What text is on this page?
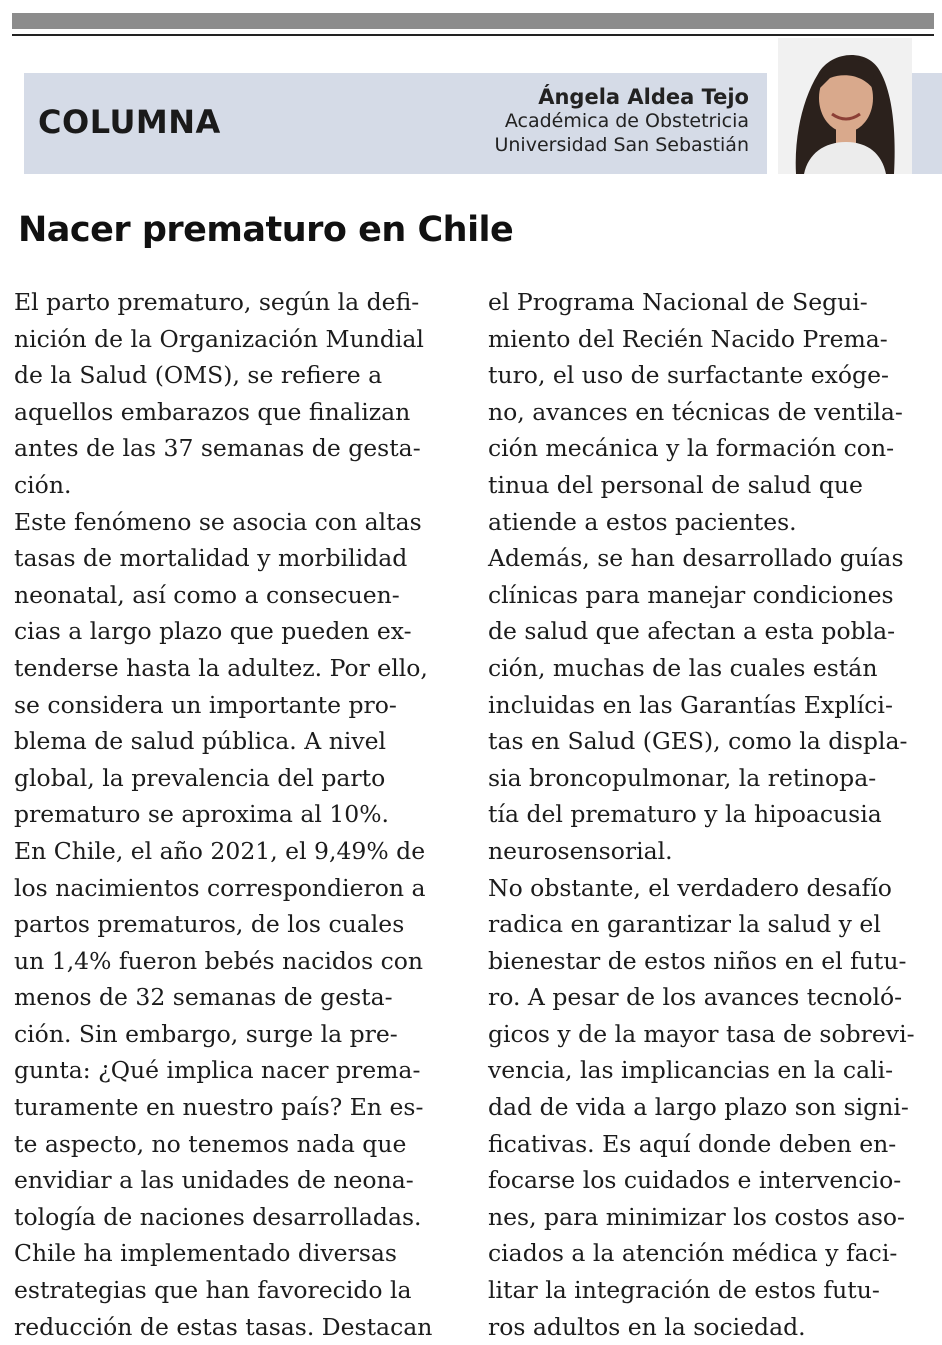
COLUMNA
Ángela Aldea Tejo
Académica de Obstetricia
Universidad San Sebastián
Nacer prematuro en Chile
El parto prematuro, según la defi-
nición de la Organización Mundial
de la Salud (OMS), se refiere a
aquellos embarazos que finalizan
antes de las 37 semanas de gesta-
ción.
Este fenómeno se asocia con altas
tasas de mortalidad y morbilidad
neonatal, así como a consecuen-
cias a largo plazo que pueden ex-
tenderse hasta la adultez. Por ello,
se considera un importante pro-
blema de salud pública. A nivel
global, la prevalencia del parto
prematuro se aproxima al 10%.
En Chile, el año 2021, el 9,49% de
los nacimientos correspondieron a
partos prematuros, de los cuales
un 1,4% fueron bebés nacidos con
menos de 32 semanas de gesta-
ción. Sin embargo, surge la pre-
gunta: ¿Qué implica nacer prema-
turamente en nuestro país? En es-
te aspecto, no tenemos nada que
envidiar a las unidades de neona-
tología de naciones desarrolladas.
Chile ha implementado diversas
estrategias que han favorecido la
reducción de estas tasas. Destacan
el Programa Nacional de Segui-
miento del Recién Nacido Prema-
turo, el uso de surfactante exóge-
no, avances en técnicas de ventila-
ción mecánica y la formación con-
tinua del personal de salud que
atiende a estos pacientes.
Además, se han desarrollado guías
clínicas para manejar condiciones
de salud que afectan a esta pobla-
ción, muchas de las cuales están
incluidas en las Garantías Explíci-
tas en Salud (GES), como la displa-
sia broncopulmonar, la retinopa-
tía del prematuro y la hipoacusia
neurosensorial.
No obstante, el verdadero desafío
radica en garantizar la salud y el
bienestar de estos niños en el futu-
ro. A pesar de los avances tecnoló-
gicos y de la mayor tasa de sobrevi-
vencia, las implicancias en la cali-
dad de vida a largo plazo son signi-
ficativas. Es aquí donde deben en-
focarse los cuidados e intervencio-
nes, para minimizar los costos aso-
ciados a la atención médica y faci-
litar la integración de estos futu-
ros adultos en la sociedad.
